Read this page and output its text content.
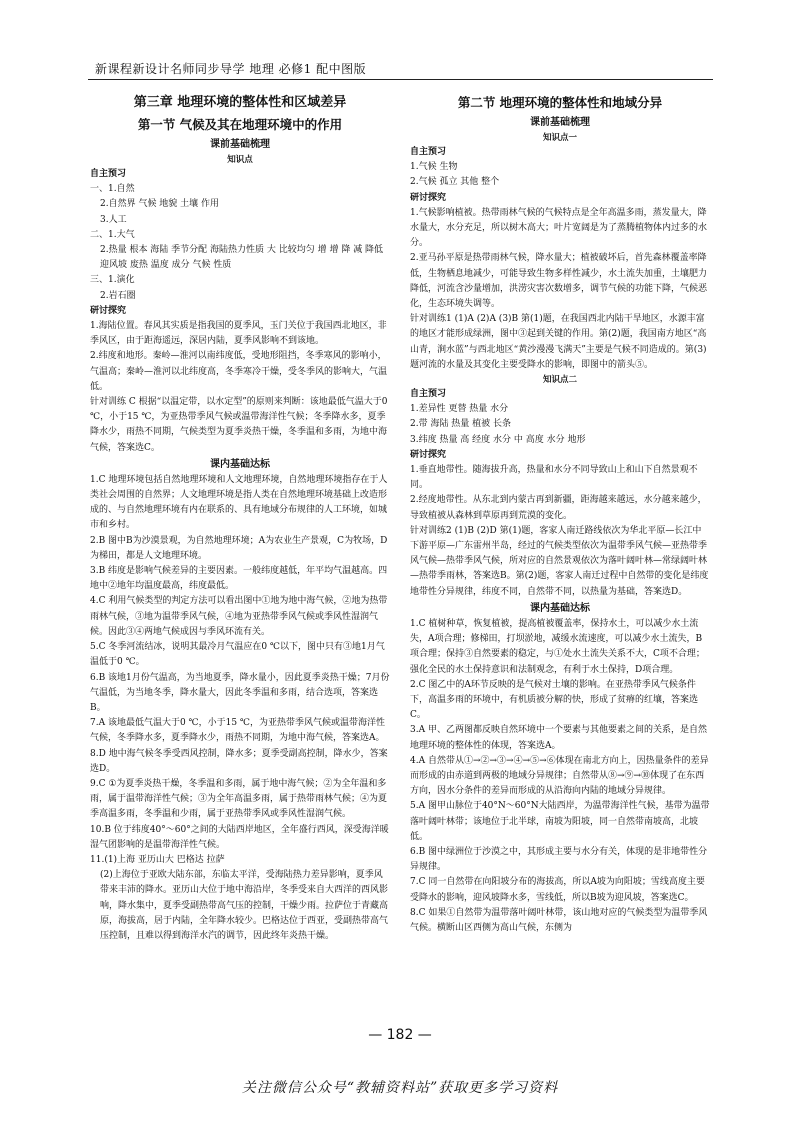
新课程新设计名师同步导学 地理 必修1 配中图版

第三章 地理环境的整体性和区域差异

第一节 气候及其在地理环境中的作用

课前基础梳理

知识点

自主预习

一、1.自然

2.自然界 气候 地貌 土壤 作用

3.人工

二、1.大气

2.热量 根本 海陆 季节分配 海陆热力性质 大 比较均匀 增 增 降 减 降低 迎风坡 废热 温度 成分 气候 性质

三、1.演化

2.岩石圈

研讨探究

1.海陆位置。春风其实质是指我国的夏季风，玉门关位于我国西北地区，非季风区，由于距海遥远，深居内陆，夏季风影响不到该地。

2.纬度和地形。秦岭—淮河以南纬度低，受地形阻挡，冬季寒风的影响小，气温高；秦岭—淮河以北纬度高，冬季寒冷干燥，受冬季风的影响大，气温低。

针对训练 C 根据“以温定带，以水定型”的原则来判断：该地最低气温大于0 ℃，小于15 ℃，为亚热带季风气候或温带海洋性气候；冬季降水多，夏季降水少，雨热不同期，气候类型为夏季炎热干燥，冬季温和多雨，为地中海气候，答案选C。

课内基础达标

1.C 地理环境包括自然地理环境和人文地理环境，自然地理环境指存在于人类社会周围的自然界；人文地理环境是指人类在自然地理环境基础上改造形成的、与自然地理环境有内在联系的、具有地域分布规律的人工环境，如城市和乡村。

2.B 图中B为沙漠景观，为自然地理环境；A为农业生产景观，C为牧场，D为梯田，都是人文地理环境。

3.B 纬度是影响气候差异的主要因素。一般纬度越低，年平均气温越高。四地中②地年均温度最高，纬度最低。

4.C 利用气候类型的判定方法可以看出图中①地为地中海气候，②地为热带雨林气候，③地为温带季风气候，④地为亚热带季风气候或季风性湿润气候。因此③④两地气候成因与季风环流有关。

5.C 冬季河流结冰，说明其最冷月气温应在0 ℃以下，图中只有③地1月气温低于0 ℃。

6.B 该地1月份气温高，为当地夏季，降水量小，因此夏季炎热干燥；7月份气温低，为当地冬季，降水量大，因此冬季温和多雨，结合选项，答案选B。

7.A 该地最低气温大于0 ℃，小于15 ℃，为亚热带季风气候或温带海洋性气候，冬季降水多，夏季降水少，雨热不同期，为地中海气候，答案选A。

8.D 地中海气候冬季受西风控制，降水多；夏季受副高控制，降水少，答案选D。

9.C ①为夏季炎热干燥，冬季温和多雨，属于地中海气候；②为全年温和多雨，属于温带海洋性气候；③为全年高温多雨，属于热带雨林气候；④为夏季高温多雨，冬季温和少雨，属于亚热带季风或季风性湿润气候。

10.B 位于纬度40°～60°之间的大陆西岸地区，全年盛行西风，深受海洋暖湿气团影响的是温带海洋性气候。

11.(1)上海 亚历山大 巴格达 拉萨

(2)上海位于亚欧大陆东部，东临太平洋，受海陆热力差异影响，夏季风带来丰沛的降水。亚历山大位于地中海沿岸，冬季受来自大西洋的西风影响，降水集中，夏季受副热带高气压的控制，干燥少雨。拉萨位于青藏高原，海拔高，居于内陆，全年降水较少。巴格达位于西亚，受副热带高气压控制，且难以得到海洋水汽的调节，因此终年炎热干燥。

第二节 地理环境的整体性和地域分异

课前基础梳理

知识点一

自主预习

1.气候 生物

2.气候 孤立 其他 整个

研讨探究

1.气候影响植被。热带雨林气候的气候特点是全年高温多雨，蒸发量大，降水量大，水分充足，所以树木高大；叶片宽阔是为了蒸腾植物体内过多的水分。

2.亚马孙平原是热带雨林气候，降水量大；植被破坏后，首先森林覆盖率降低，生物栖息地减少，可能导致生物多样性减少，水土流失加重，土壤肥力降低，河流含沙量增加，洪涝灾害次数增多，调节气候的功能下降，气候恶化，生态环境失调等。

针对训练1 (1)A (2)A (3)B 第(1)题，在我国西北内陆干旱地区，水源丰富的地区才能形成绿洲，图中③起到关键的作用。第(2)题，我国南方地区“高山青，涧水蓝”与西北地区“黄沙漫漫飞满天”主要是气候不同造成的。第(3)题河流的水量及其变化主要受降水的影响，即图中的箭头⑤。

知识点二

自主预习

1.差异性 更替 热量 水分

2.带 海陆 热量 植被 长条

3.纬度 热量 高 经度 水分 中 高度 水分 地形

研讨探究

1.垂直地带性。随海拔升高，热量和水分不同导致山上和山下自然景观不同。

2.经度地带性。从东北到内蒙古再到新疆，距海越来越远，水分越来越少，导致植被从森林到草原再到荒漠的变化。

针对训练2 (1)B (2)D 第(1)题，客家人南迁路线依次为华北平原—长江中下游平原—广东雷州半岛，经过的气候类型依次为温带季风气候—亚热带季风气候—热带季风气候，所对应的自然景观依次为落叶阔叶林—常绿阔叶林—热带季雨林，答案选B。第(2)题，客家人南迁过程中自然带的变化是纬度地带性分异规律，纬度不同，自然带不同，以热量为基础，答案选D。

课内基础达标

1.C 植树种草，恢复植被，提高植被覆盖率，保持水土，可以减少水土流失，A项合理；修梯田，打坝淤地，减缓水流速度，可以减少水土流失，B项合理；保持③自然要素的稳定，与①处水土流失关系不大，C项不合理；强化全民的水土保持意识和法制观念，有利于水土保持，D项合理。

2.C 图乙中的A环节反映的是气候对土壤的影响。在亚热带季风气候条件下，高温多雨的环境中，有机质被分解的快，形成了贫瘠的红壤，答案选C。

3.A 甲、乙两图都反映自然环境中一个要素与其他要素之间的关系，是自然地理环境的整体性的体现，答案选A。

4.A 自然带从①→②→③→④→⑤→⑥体现在南北方向上，因热量条件的差异而形成的由赤道到两极的地域分异规律；自然带从⑧→⑨→⑩体现了在东西方向，因水分条件的差异而形成的从沿海向内陆的地域分异规律。

5.A 图甲山脉位于40°N～60°N大陆西岸，为温带海洋性气候，基带为温带落叶阔叶林带；该地位于北半球，南坡为阳坡，同一自然带南坡高，北坡低。

6.B 图中绿洲位于沙漠之中，其形成主要与水分有关，体现的是非地带性分异规律。

7.C 同一自然带在向阳坡分布的海拔高，所以A坡为向阳坡；雪线高度主要受降水的影响，迎风坡降水多，雪线低，所以B坡为迎风坡，答案选C。

8.C 如果①自然带为温带落叶阔叶林带，该山地对应的气候类型为温带季风气候。横断山区西侧为高山气候，东侧为

— 182 —
关注微信公众号“教辅资料站”获取更多学习资料
